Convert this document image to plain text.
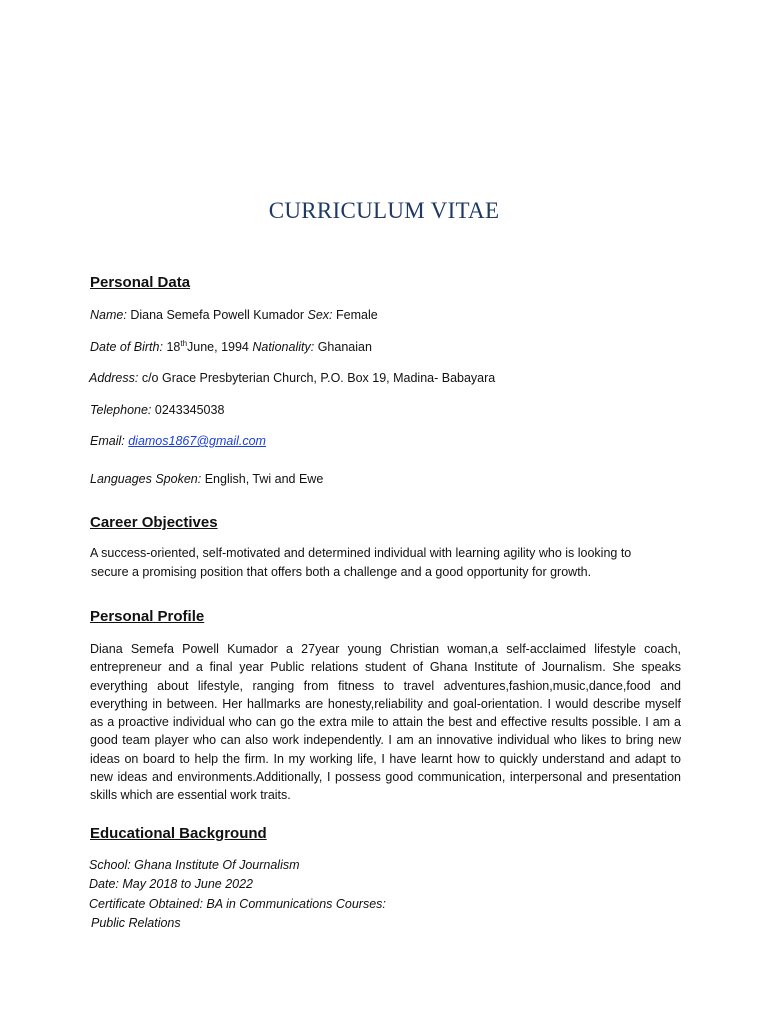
CURRICULUM VITAE
Personal Data
Name: Diana Semefa Powell Kumador Sex: Female
Date of Birth: 18thJune, 1994 Nationality: Ghanaian
Address: c/o Grace Presbyterian Church, P.O. Box 19, Madina- Babayara
Telephone: 0243345038
Email: diamos1867@gmail.com
Languages Spoken: English, Twi and Ewe
Career Objectives
A success-oriented, self-motivated and determined individual with learning agility who is looking to
secure a promising position that offers both a challenge and a good opportunity for growth.
Personal Profile
Diana Semefa Powell Kumador a 27year young Christian woman,a self-acclaimed lifestyle coach, entrepreneur and a final year Public relations student of Ghana Institute of Journalism. She speaks everything about lifestyle, ranging from fitness to travel adventures,fashion,music,dance,food and everything in between. Her hallmarks are honesty,reliability and goal-orientation. I would describe myself as a proactive individual who can go the extra mile to attain the best and effective results possible. I am a good team player who can also work independently. I am an innovative individual who likes to bring new ideas on board to help the firm. In my working life, I have learnt how to quickly understand and adapt to new ideas and environments.Additionally, I possess good communication, interpersonal and presentation skills which are essential work traits.
Educational Background
School: Ghana Institute Of Journalism
Date: May 2018 to June 2022
Certificate Obtained: BA in Communications Courses:
Public Relations
